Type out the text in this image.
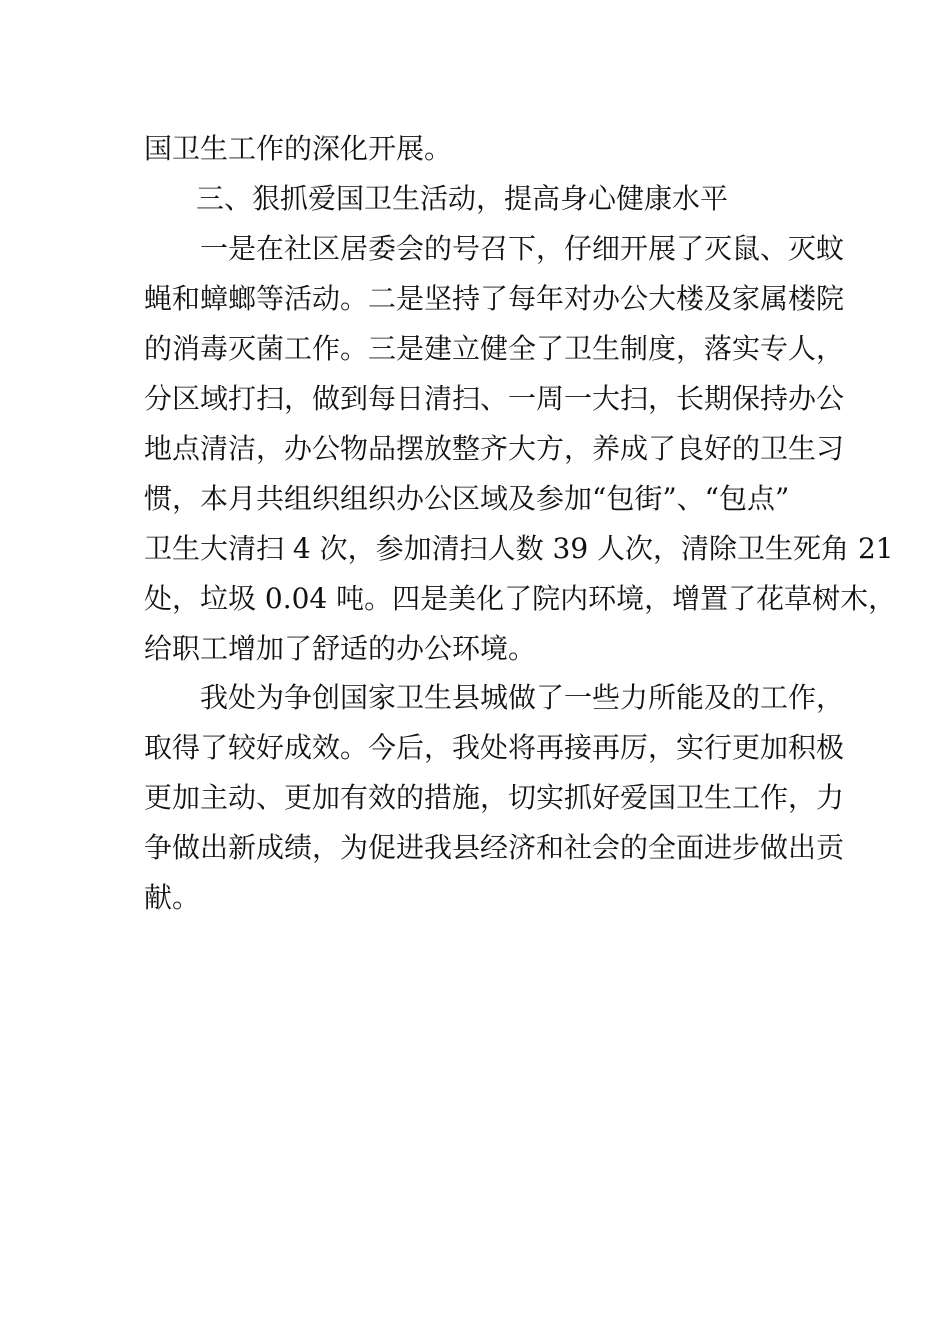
国卫生工作的深化开展。
三、狠抓爱国卫生活动，提高身心健康水平
一是在社区居委会的号召下，仔细开展了灭鼠、灭蚊
蝇和蟑螂等活动。二是坚持了每年对办公大楼及家属楼院
的消毒灭菌工作。三是建立健全了卫生制度，落实专人，
分区域打扫，做到每日清扫、一周一大扫，长期保持办公
地点清洁，办公物品摆放整齐大方，养成了良好的卫生习
惯，本月共组织组织办公区域及参加“包街”、“包点”
卫生大清扫 4 次，参加清扫人数 39 人次，清除卫生死角 21
处，垃圾 0.04 吨。四是美化了院内环境，增置了花草树木，
给职工增加了舒适的办公环境。
我处为争创国家卫生县城做了一些力所能及的工作，
取得了较好成效。今后，我处将再接再厉，实行更加积极
更加主动、更加有效的措施，切实抓好爱国卫生工作，力
争做出新成绩，为促进我县经济和社会的全面进步做出贡
献。
